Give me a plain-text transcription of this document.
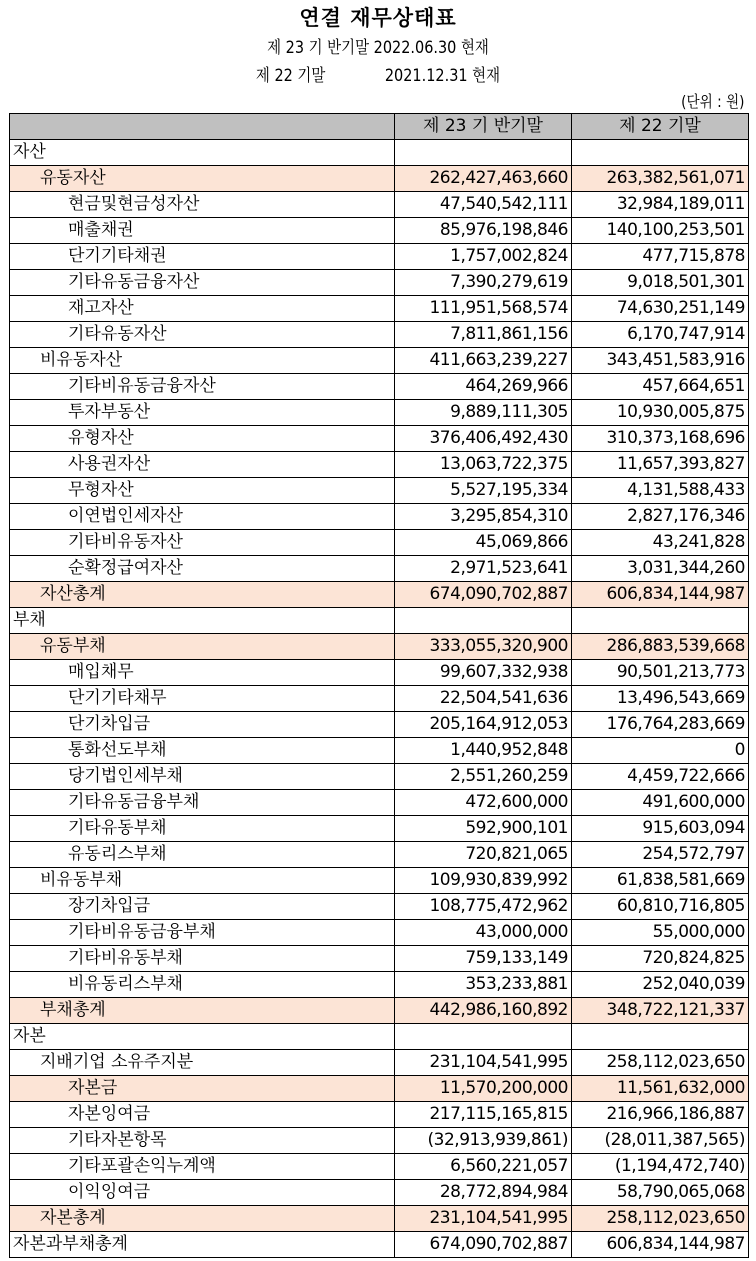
연결 재무상태표
제 23 기 반기말 2022.06.30 현재
제 22 기말	2021.12.31 현재
(단위 : 원)
	제 23 기 반기말	제 22 기말
자산		
유동자산	262,427,463,660	263,382,561,071
현금및현금성자산	47,540,542,111	32,984,189,011
매출채권	85,976,198,846	140,100,253,501
단기기타채권	1,757,002,824	477,715,878
기타유동금융자산	7,390,279,619	9,018,501,301
재고자산	111,951,568,574	74,630,251,149
기타유동자산	7,811,861,156	6,170,747,914
비유동자산	411,663,239,227	343,451,583,916
기타비유동금융자산	464,269,966	457,664,651
투자부동산	9,889,111,305	10,930,005,875
유형자산	376,406,492,430	310,373,168,696
사용권자산	13,063,722,375	11,657,393,827
무형자산	5,527,195,334	4,131,588,433
이연법인세자산	3,295,854,310	2,827,176,346
기타비유동자산	45,069,866	43,241,828
순확정급여자산	2,971,523,641	3,031,344,260
자산총계	674,090,702,887	606,834,144,987
부채		
유동부채	333,055,320,900	286,883,539,668
매입채무	99,607,332,938	90,501,213,773
단기기타채무	22,504,541,636	13,496,543,669
단기차입금	205,164,912,053	176,764,283,669
통화선도부채	1,440,952,848	0
당기법인세부채	2,551,260,259	4,459,722,666
기타유동금융부채	472,600,000	491,600,000
기타유동부채	592,900,101	915,603,094
유동리스부채	720,821,065	254,572,797
비유동부채	109,930,839,992	61,838,581,669
장기차입금	108,775,472,962	60,810,716,805
기타비유동금융부채	43,000,000	55,000,000
기타비유동부채	759,133,149	720,824,825
비유동리스부채	353,233,881	252,040,039
부채총계	442,986,160,892	348,722,121,337
자본		
지배기업 소유주지분	231,104,541,995	258,112,023,650
자본금	11,570,200,000	11,561,632,000
자본잉여금	217,115,165,815	216,966,186,887
기타자본항목	(32,913,939,861)	(28,011,387,565)
기타포괄손익누계액	6,560,221,057	(1,194,472,740)
이익잉여금	28,772,894,984	58,790,065,068
자본총계	231,104,541,995	258,112,023,650
자본과부채총계	674,090,702,887	606,834,144,987
